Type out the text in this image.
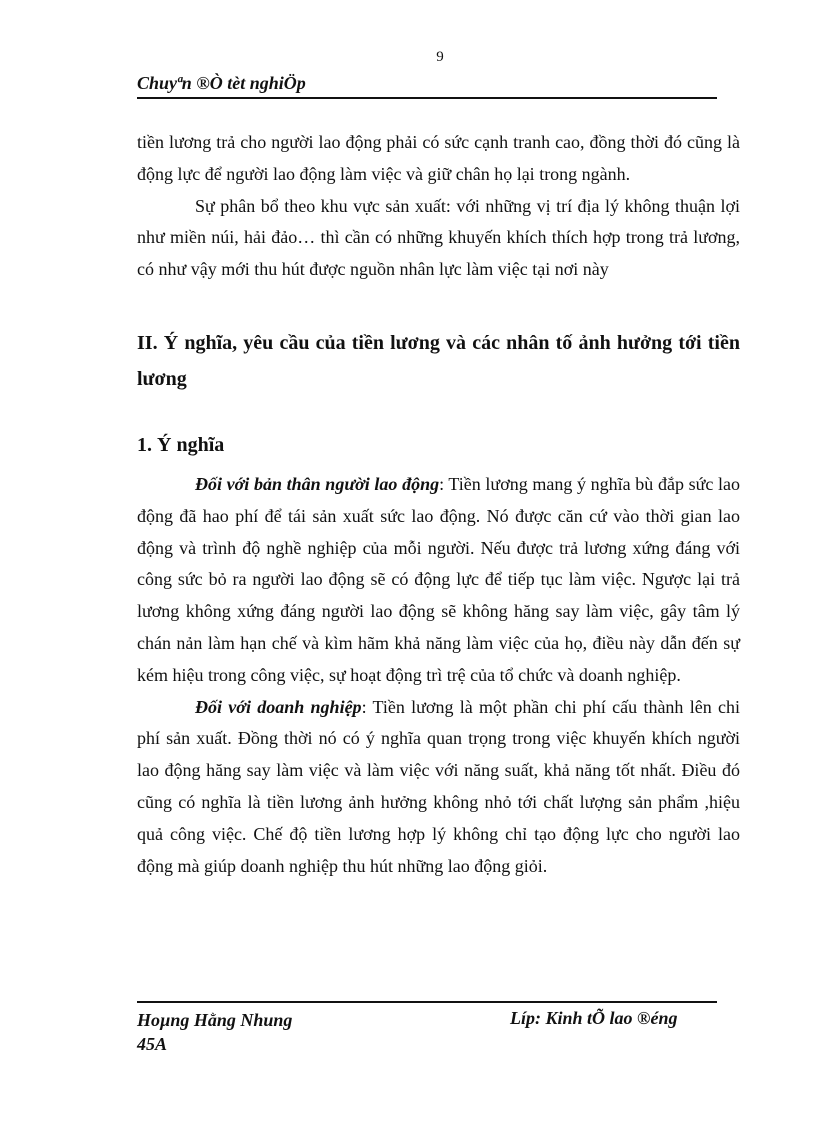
9
Chuyªn ®Ò tèt nghiÖp

tiền lương trả cho người lao động phải có sức cạnh tranh cao, đồng thời đó cũng là động lực để người lao động làm việc và giữ chân họ lại trong ngành.

Sự phân bổ theo khu vực sản xuất: với những vị trí địa lý không thuận lợi như miền núi, hải đảo… thì cần có những khuyến khích thích hợp trong trả lương, có như vậy mới thu hút được nguồn nhân lực làm việc tại nơi này

II. Ý nghĩa, yêu cầu của tiền lương và các nhân tố ảnh hưởng tới tiền lương
1. Ý nghĩa

Đối với bản thân người lao động: Tiền lương mang ý nghĩa bù đắp sức lao động đã hao phí để tái sản xuất sức lao động. Nó được căn cứ vào thời gian lao động và trình độ nghề nghiệp của mỗi người. Nếu được trả lương xứng đáng với công sức bỏ ra người lao động sẽ có động lực để tiếp tục làm việc. Ngược lại trả lương không xứng đáng người lao động sẽ không hăng say làm việc, gây tâm lý chán nản làm hạn chế và kìm hãm khả năng làm việc của họ, điều này dẫn đến sự kém hiệu trong công việc, sự hoạt động trì trệ của tổ chức và doanh nghiệp.

Đối với doanh nghiệp: Tiền lương là một phần chi phí cấu thành lên chi phí sản xuất. Đồng thời nó có ý nghĩa quan trọng trong việc khuyến khích người lao động hăng say làm việc và làm việc với năng suất, khả năng tốt nhất. Điều đó cũng có nghĩa là tiền lương ảnh hưởng không nhỏ tới chất lượng sản phẩm ,hiệu quả công việc. Chế độ tiền lương hợp lý không chỉ tạo động lực cho người lao động mà giúp doanh nghiệp thu hút những lao động giỏi.

Hoµng Hằng Nhung
45A
Líp: Kinh tÕ lao ®éng
